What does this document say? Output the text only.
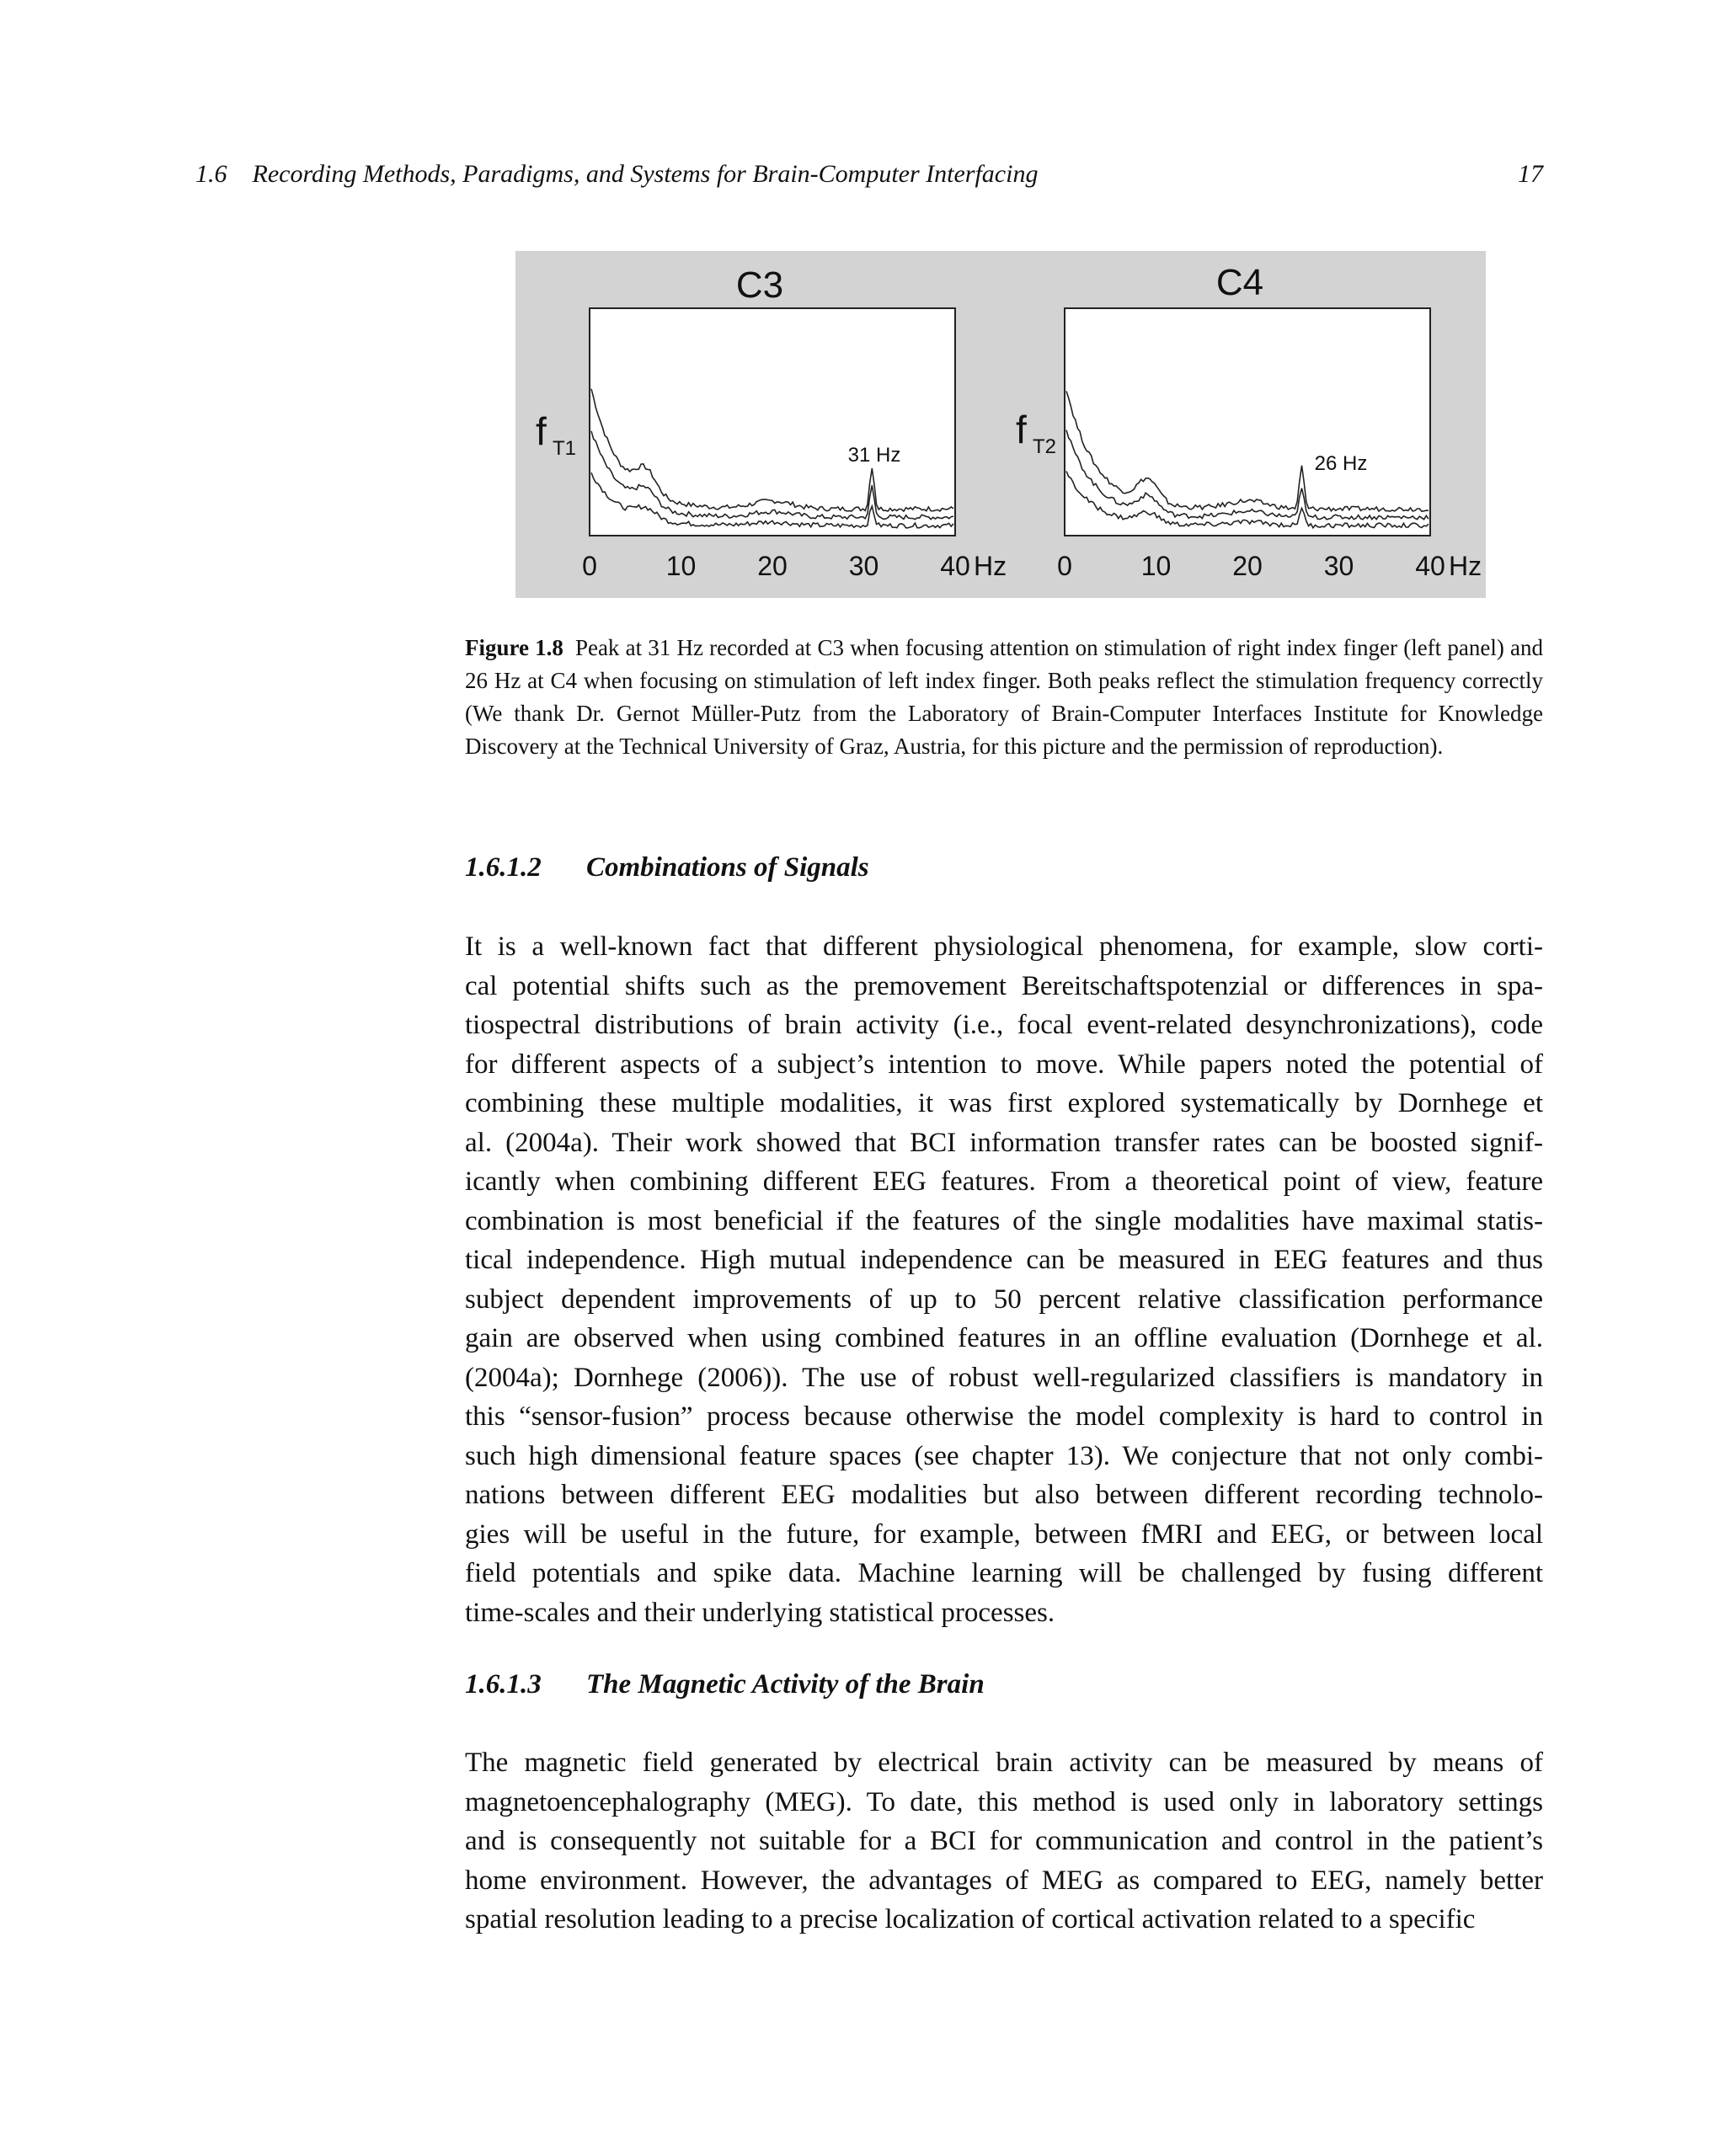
1.6    Recording Methods, Paradigms, and Systems for Brain-Computer Interfacing	17
C3
f T1	31 Hz
0	10 20 30 40 Hz
C4
f T2
26 Hz
0	10 20 30 40 Hz
Figure 1.8 Peak at 31 Hz recorded at C3 when focusing attention on stimulation of right index finger (left panel) and 26 Hz at C4 when focusing on stimulation of left index finger. Both peaks reflect the stimulation frequency correctly (We thank Dr. Gernot Müller-Putz from the Laboratory of Brain-Computer Interfaces Institute for Knowledge Discovery at the Technical University of Graz, Austria, for this picture and the permission of reproduction).
1.6.1.2 Combinations of Signals
It is a well-known fact that different physiological phenomena, for example, slow corti-
cal potential shifts such as the premovement Bereitschaftspotenzial or differences in spa-
tiospectral distributions of brain activity (i.e., focal event-related desynchronizations), code
for different aspects of a subject’s intention to move. While papers noted the potential of
combining these multiple modalities, it was first explored systematically by Dornhege et
al. (2004a). Their work showed that BCI information transfer rates can be boosted signif-
icantly when combining different EEG features. From a theoretical point of view, feature
combination is most beneficial if the features of the single modalities have maximal statis-
tical independence. High mutual independence can be measured in EEG features and thus
subject dependent improvements of up to 50 percent relative classification performance
gain are observed when using combined features in an offline evaluation (Dornhege et al.
(2004a); Dornhege (2006)). The use of robust well-regularized classifiers is mandatory in
this “sensor-fusion” process because otherwise the model complexity is hard to control in
such high dimensional feature spaces (see chapter 13). We conjecture that not only combi-
nations between different EEG modalities but also between different recording technolo-
gies will be useful in the future, for example, between fMRI and EEG, or between local
field potentials and spike data. Machine learning will be challenged by fusing different
time-scales and their underlying statistical processes.
1.6.1.3 The Magnetic Activity of the Brain
The magnetic field generated by electrical brain activity can be measured by means of
magnetoencephalography (MEG). To date, this method is used only in laboratory settings
and is consequently not suitable for a BCI for communication and control in the patient’s
home environment. However, the advantages of MEG as compared to EEG, namely better
spatial resolution leading to a precise localization of cortical activation related to a specific
